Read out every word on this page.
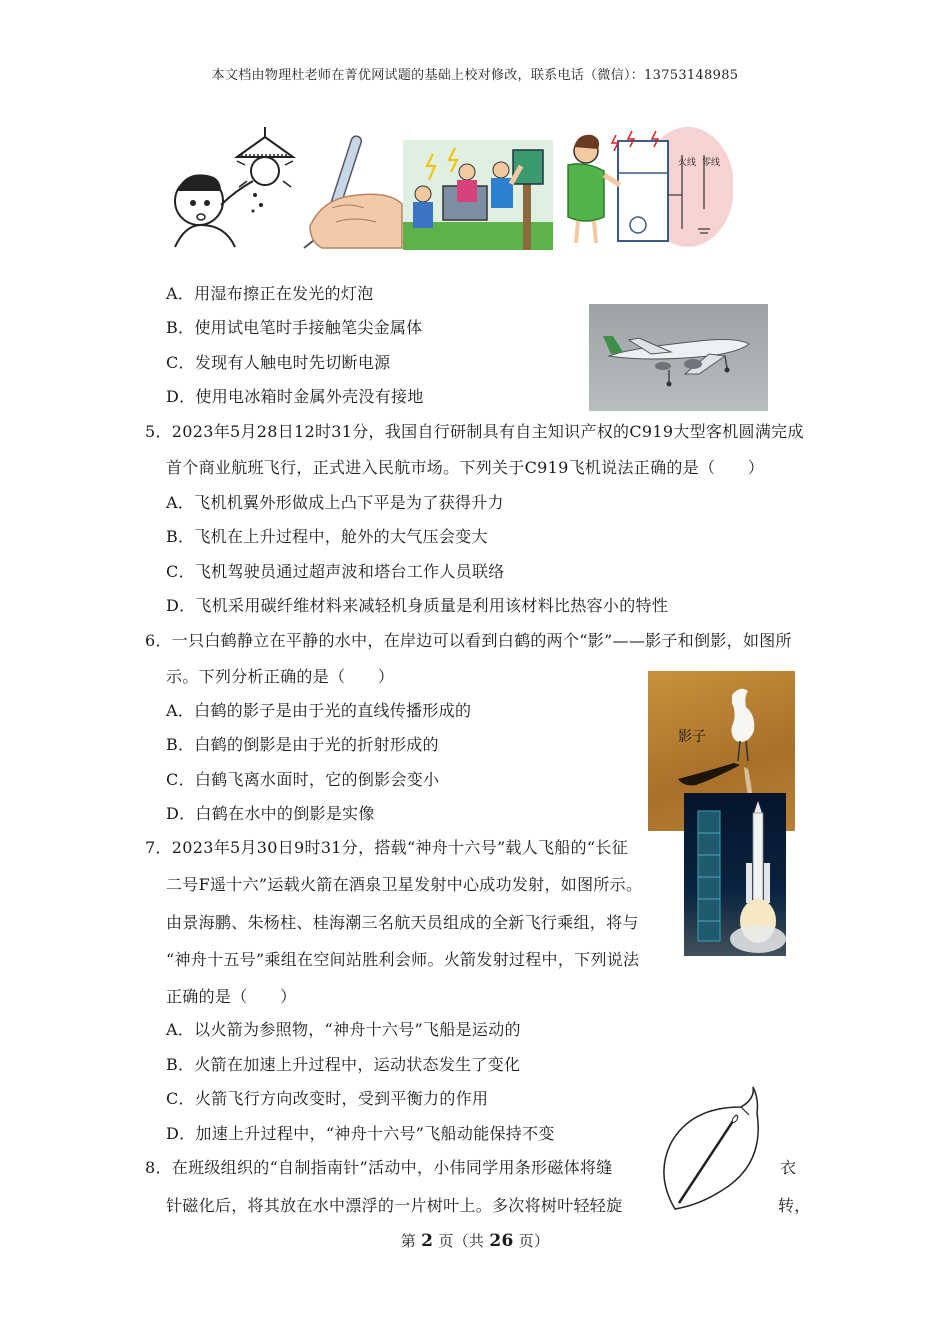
本文档由物理杜老师在菁优网试题的基础上校对修改，联系电话（微信）：13753148985
火线 零线
A．用湿布擦正在发光的灯泡
B．使用试电笔时手接触笔尖金属体
C．发现有人触电时先切断电源
D．使用电冰箱时金属外壳没有接地
5．2023年5月28日12时31分，我国自行研制具有自主知识产权的C919大型客机圆满完成
首个商业航班飞行，正式进入民航市场。下列关于C919飞机说法正确的是（　　）
A．飞机机翼外形做成上凸下平是为了获得升力
B．飞机在上升过程中，舱外的大气压会变大
C．飞机驾驶员通过超声波和塔台工作人员联络
D．飞机采用碳纤维材料来减轻机身质量是利用该材料比热容小的特性
6．一只白鹤静立在平静的水中，在岸边可以看到白鹤的两个“影”——影子和倒影，如图所
示。下列分析正确的是（　　）
A．白鹤的影子是由于光的直线传播形成的
B．白鹤的倒影是由于光的折射形成的
C．白鹤飞离水面时，它的倒影会变小
D．白鹤在水中的倒影是实像
影子
7．2023年5月30日9时31分，搭载“神舟十六号”载人飞船的“长征
二号F遥十六”运载火箭在酒泉卫星发射中心成功发射，如图所示。
由景海鹏、朱杨柱、桂海潮三名航天员组成的全新飞行乘组，将与
“神舟十五号”乘组在空间站胜利会师。火箭发射过程中，下列说法
正确的是（　　）
A．以火箭为参照物，“神舟十六号”飞船是运动的
B．火箭在加速上升过程中，运动状态发生了变化
C．火箭飞行方向改变时，受到平衡力的作用
D．加速上升过程中，“神舟十六号”飞船动能保持不变
8．在班级组织的“自制指南针”活动中，小伟同学用条形磁体将缝	衣
针磁化后，将其放在水中漂浮的一片树叶上。多次将树叶轻轻旋	转，
第 2 页（共 26 页）
